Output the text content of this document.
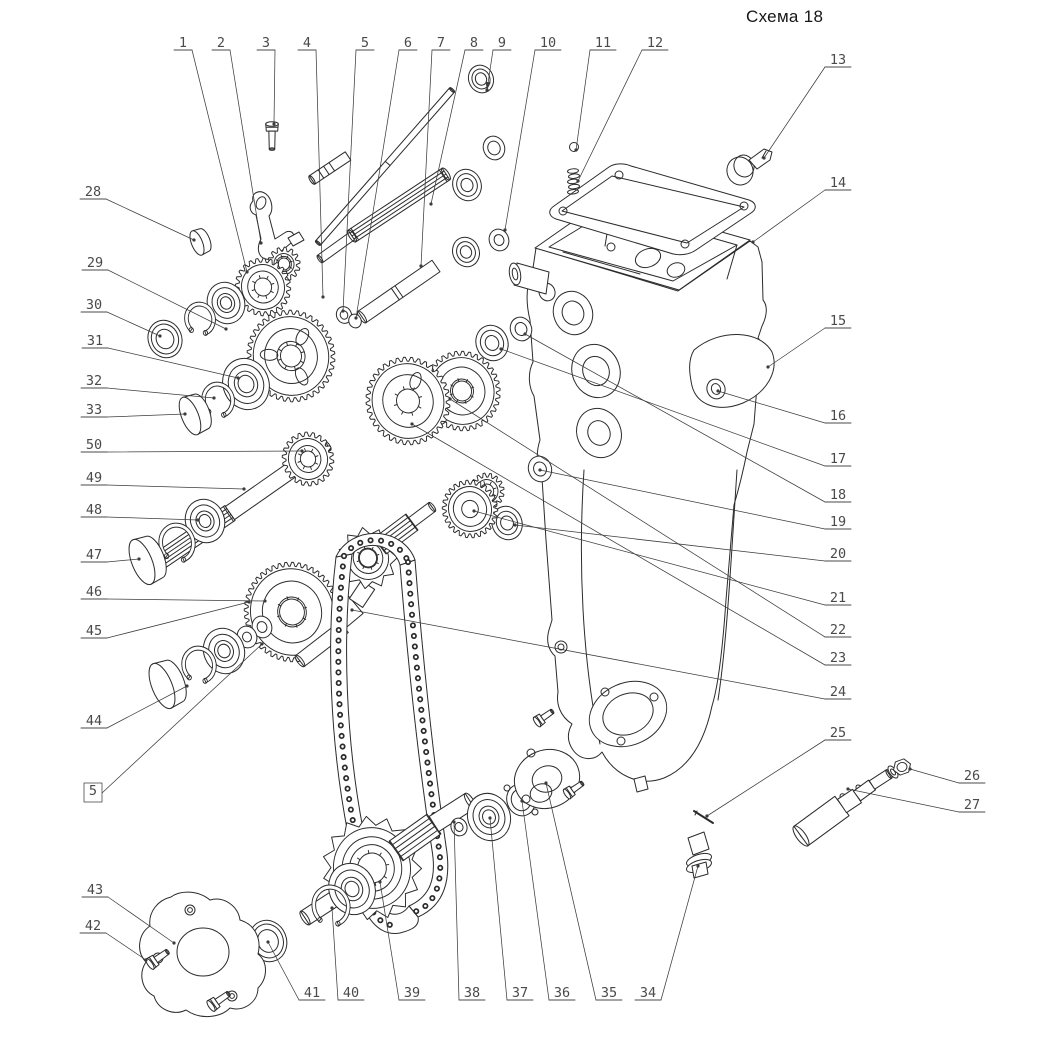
Схема 18
1 2	3 4	5	6 7 8 9	10	11	12
13
14
15
16
17
18
19
20
21
22
23
24
25
26
27
28
29
30
31
32
33
50
49
48
47
46
45
44
43
42
41 40	39	38 37 36 35 34
5
